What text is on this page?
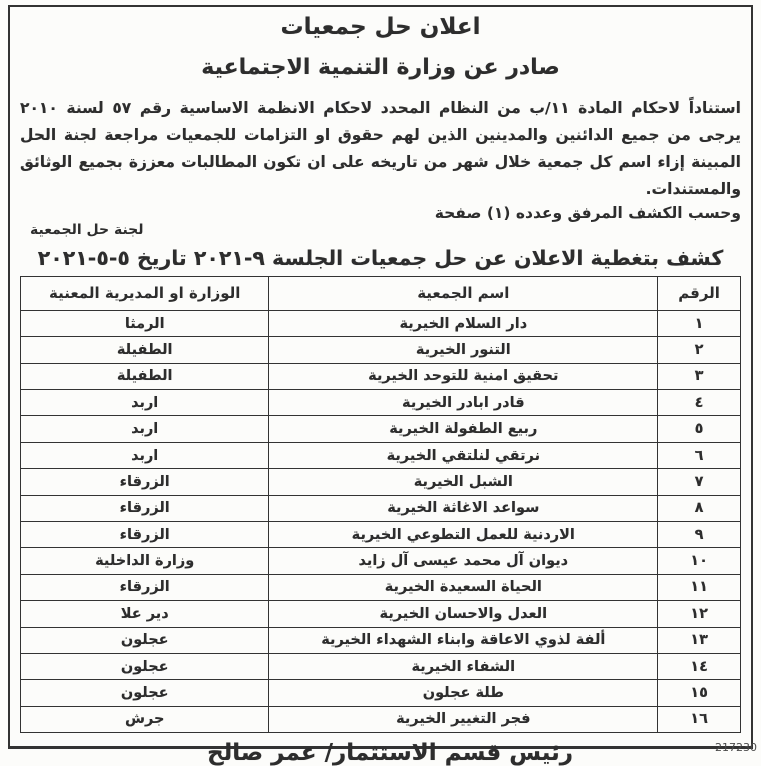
اعلان حل جمعيات
صادر عن وزارة التنمية الاجتماعية

استناداً لاحكام المادة ١١/ب من النظام المحدد لاحكام الانظمة الاساسية رقم ٥٧ لسنة ٢٠١٠ يرجى من جميع الدائنين والمدينين الذين لهم حقوق او التزامات للجمعيات مراجعة لجنة الحل المبينة إزاء اسم كل جمعية خلال شهر من تاريخه على ان تكون المطالبات معززة بجميع الوثائق والمستندات.

وحسب الكشف المرفق وعدده (١) صفحة

لجنة حل الجمعية
كشف بتغطية الاعلان عن حل جمعيات الجلسة ٩-٢٠٢١ تاريخ ٥-٥-٢٠٢١
الرقم	اسم الجمعية	الوزارة او المديرية المعنية
١	دار السلام الخيرية	الرمثا
٢	التنور الخيرية	الطفيلة
٣	تحقيق امنية للتوحد الخيرية	الطفيلة
٤	قادر ابادر الخيرية	اربد
٥	ربيع الطفولة الخيرية	اربد
٦	نرتقي لنلتقي الخيرية	اربد
٧	الشبل الخيرية	الزرقاء
٨	سواعد الاغاثة الخيرية	الزرقاء
٩	الاردنية للعمل التطوعي الخيرية	الزرقاء
١٠	ديوان آل محمد عيسى آل زايد	وزارة الداخلية
١١	الحياة السعيدة الخيرية	الزرقاء
١٢	العدل والاحسان الخيرية	دير علا
١٣	ألفة لذوي الاعاقة وابناء الشهداء الخيرية	عجلون
١٤	الشفاء الخيرية	عجلون
١٥	طلة عجلون	عجلون
١٦	فجر التغيير الخيرية	جرش
رئيس قسم الاستثمار/ عمر صالح	217230
